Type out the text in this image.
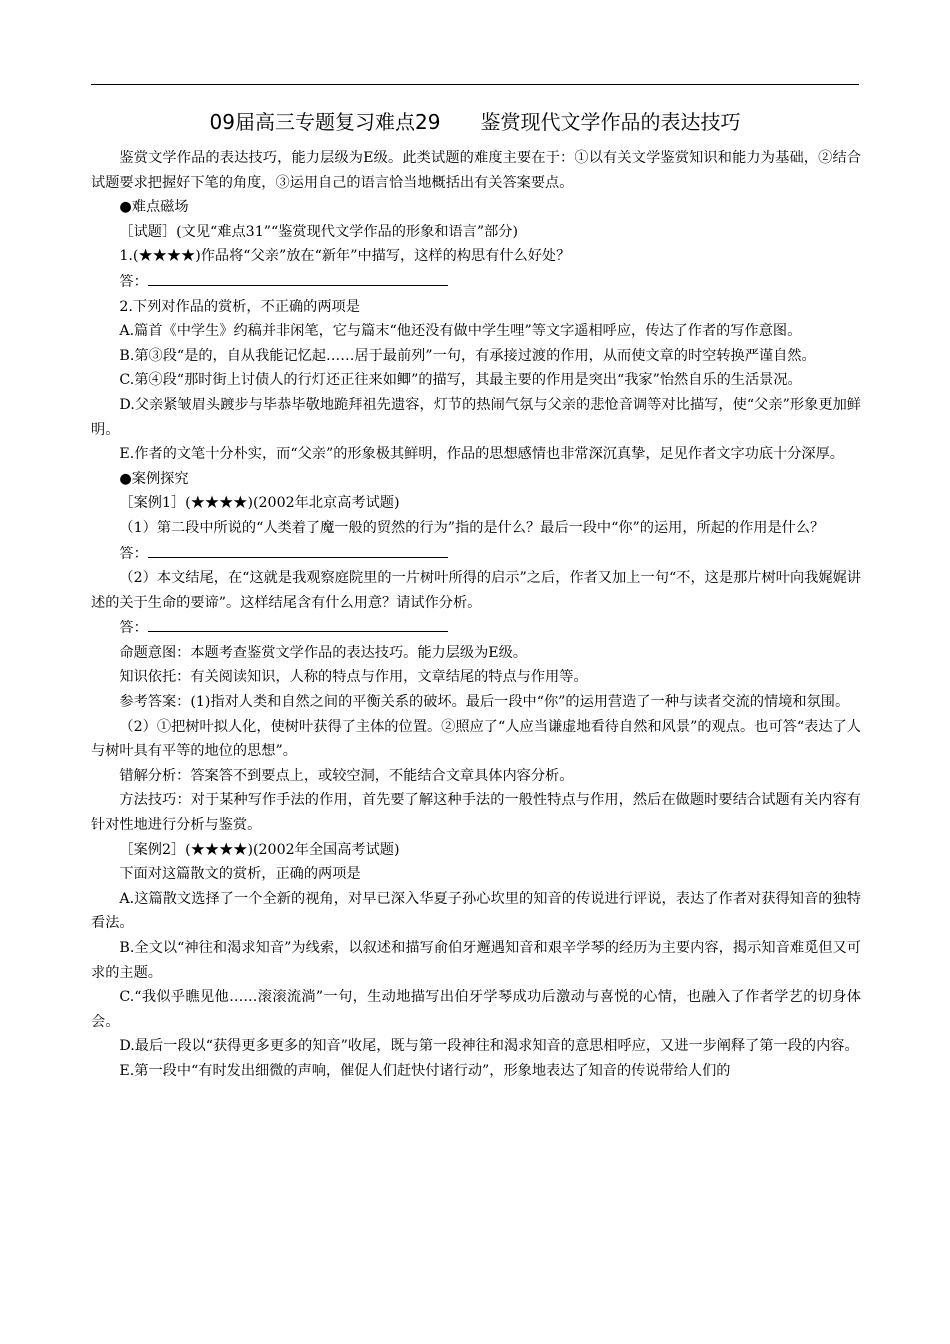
09届高三专题复习难点29　　鉴赏现代文学作品的表达技巧

鉴赏文学作品的表达技巧，能力层级为E级。此类试题的难度主要在于：①以有关文学鉴赏知识和能力为基础，②结合试题要求把握好下笔的角度，③运用自己的语言恰当地概括出有关答案要点。

●难点磁场

［试题］(文见“难点31”“鉴赏现代文学作品的形象和语言”部分)

1.(★★★★)作品将“父亲”放在“新年”中描写，这样的构思有什么好处？

答：

2.下列对作品的赏析，不正确的两项是

A.篇首《中学生》约稿并非闲笔，它与篇末“他还没有做中学生哩”等文字遥相呼应，传达了作者的写作意图。

B.第③段“是的，自从我能记忆起……居于最前列”一句，有承接过渡的作用，从而使文章的时空转换严谨自然。

C.第④段“那时街上讨债人的行灯还正往来如鲫”的描写，其最主要的作用是突出“我家”怡然自乐的生活景况。

D.父亲紧皱眉头踱步与毕恭毕敬地跪拜祖先遗容，灯节的热闹气氛与父亲的悲怆音调等对比描写，使“父亲”形象更加鲜明。

E.作者的文笔十分朴实，而“父亲”的形象极其鲜明，作品的思想感情也非常深沉真挚，足见作者文字功底十分深厚。

●案例探究

［案例1］(★★★★)(2002年北京高考试题)

（1）第二段中所说的“人类着了魔一般的贸然的行为”指的是什么？最后一段中“你”的运用，所起的作用是什么？

答：

（2）本文结尾，在“这就是我观察庭院里的一片树叶所得的启示”之后，作者又加上一句“不，这是那片树叶向我娓娓讲述的关于生命的要谛”。这样结尾含有什么用意？请试作分析。

答：

命题意图：本题考查鉴赏文学作品的表达技巧。能力层级为E级。

知识依托：有关阅读知识，人称的特点与作用，文章结尾的特点与作用等。

参考答案：(1)指对人类和自然之间的平衡关系的破坏。最后一段中“你”的运用营造了一种与读者交流的情境和氛围。

（2）①把树叶拟人化，使树叶获得了主体的位置。②照应了“人应当谦虚地看待自然和风景”的观点。也可答“表达了人与树叶具有平等的地位的思想”。

错解分析：答案答不到要点上，或较空洞，不能结合文章具体内容分析。

方法技巧：对于某种写作手法的作用，首先要了解这种手法的一般性特点与作用，然后在做题时要结合试题有关内容有针对性地进行分析与鉴赏。

［案例2］(★★★★)(2002年全国高考试题)

下面对这篇散文的赏析，正确的两项是

A.这篇散文选择了一个全新的视角，对早已深入华夏子孙心坎里的知音的传说进行评说，表达了作者对获得知音的独特看法。

B.全文以“神往和渴求知音”为线索，以叙述和描写俞伯牙邂遇知音和艰辛学琴的经历为主要内容，揭示知音难觅但又可求的主题。

C.“我似乎瞧见他……滚滚流淌”一句，生动地描写出伯牙学琴成功后激动与喜悦的心情，也融入了作者学艺的切身体会。

D.最后一段以“获得更多更多的知音”收尾，既与第一段神往和渴求知音的意思相呼应，又进一步阐释了第一段的内容。

E.第一段中“有时发出细微的声响，催促人们赶快付诸行动”，形象地表达了知音的传说带给人们的
